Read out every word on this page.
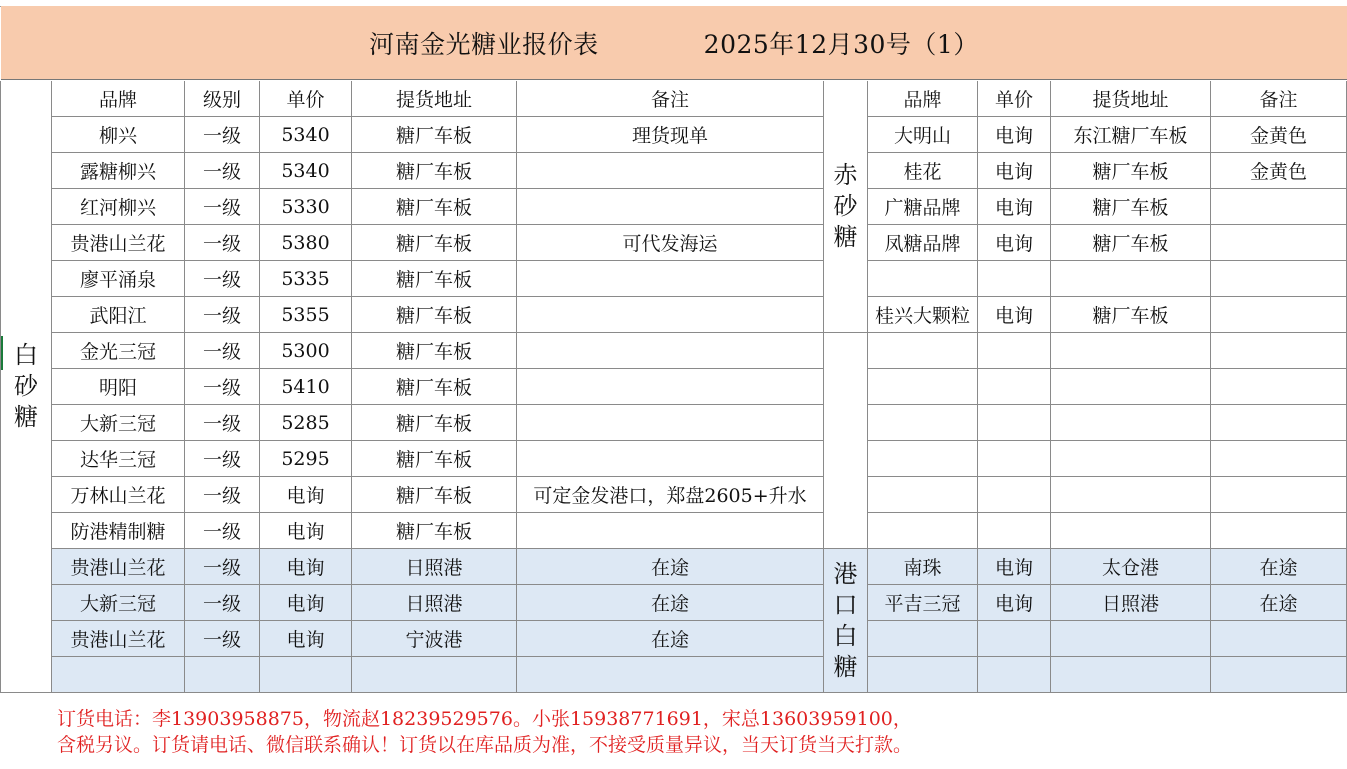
河南金光糖业报价表	2025年12月30号（1）
白
砂
糖
品牌	级别	单价	提货地址	备注
柳兴	一级	5340	糖厂车板	理货现单
露糖柳兴	一级	5340	糖厂车板
红河柳兴	一级	5330	糖厂车板
贵港山兰花	一级	5380	糖厂车板	可代发海运
廖平涌泉	一级	5335	糖厂车板
武阳江	一级	5355	糖厂车板
金光三冠	一级	5300	糖厂车板
明阳	一级	5410	糖厂车板
大新三冠	一级	5285	糖厂车板
达华三冠	一级	5295	糖厂车板
万林山兰花	一级	电询	糖厂车板	可定金发港口，郑盘2605+升水
防港精制糖	一级	电询	糖厂车板
贵港山兰花	一级	电询	日照港	在途
大新三冠	一级	电询	日照港	在途
贵港山兰花	一级	电询	宁波港	在途
赤
砂
糖
港
口
白
糖
品牌	单价	提货地址	备注
大明山	电询	东江糖厂车板	金黄色
桂花	电询	糖厂车板	金黄色
广糖品牌	电询	糖厂车板
凤糖品牌	电询	糖厂车板
桂兴大颗粒	电询	糖厂车板
南珠	电询	太仓港	在途
平吉三冠	电询	日照港	在途
订货电话：李13903958875，物流赵18239529576。小张15938771691，宋总13603959100，
含税另议。订货请电话、微信联系确认！订货以在库品质为准，不接受质量异议，当天订货当天打款。
